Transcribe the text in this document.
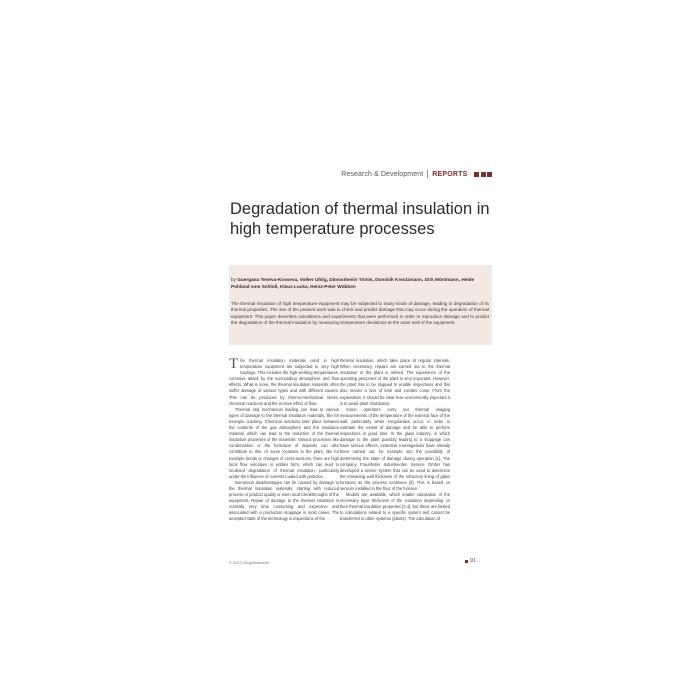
Research & Development REPORTS
Degradation of thermal insulation in high temperature processes
by Guergana Teneva-Kosseva, Volker Uhlig, Dimosthenis Trimis, Dominik Kreutzmann, Dirk Möntmann, Heide Pohland vom Schloß, Klaus Lucka, Heinz-Peter Wübben
The thermal insulation of high temperature equipment may be subjected to many kinds of damage, leading to degradation of its thermal properties. The aim of the present work was to check and predict damage that may occur during the operation of thermal equipment. This paper describes simulations and experiments that were performed in order to reproduce damage and to predict the degradation of the thermal insulation by measuring temperature deviations at the outer wall of the equipment.
T he thermal insulation materials used in high temperature equipment are subjected to very high loadings. This includes the high working temperatures, corrosive attack by the surrounding atmosphere and flow effects. What is more, the thermal insulation materials often suffer damage of various types and with different causes. This can be produced by thermo-mechanical stress, chemical reactions and the erosive effect of flow.

Thermal and mechanical loading can lead to various types of damage to the thermal insulation materials, like for example cracking. Chemical reactions take place between the contents of the gas atmosphere and the insulation material, which can lead to the reduction of the thermal insulation properties of the materials. Various processes like condensation or the formation of deposits can also contribute to this. At some locations in the plant, like for example bends or changes of cross-sections, there are high local flow velocities or eddies form, which can lead to localised degradation of thermal insulation, particularly under the influence of currents loaded with particles.

Numerous disadvantages can be caused by damage to the thermal insulation materials, starting with reduced process or product quality or even local breakthroughs of the equipment. Repair of damage to the thermal insulation is normally very time consuming and expensive and associated with a production stoppage in most cases. The accepted state of the technology is inspections of the

thermal insulation, which take place at regular intervals. When necessary, repairs are carried out to the thermal insulation or the plant is relined. The experience of the operating personnel of the plant is very important. However, the plant has to be stopped to enable inspections and this also means a loss of time and creates costs. From the explanation, it should be clear how economically important it is to avoid plant shutdowns.

Some operators carry out thermal imaging measurements of the temperature of the external face of the wall, particularly when irregularities occur, in order to estimate the extent of damage and be able to perform inspections in good time. In the glass industry, in which damage to the plant possibly leading to a stoppage can have serious effects, extensive investigations have already been carried out, for example into the possibility of determining the state of damage during operation [1]. The company Fraunhofer Industrieofen Service GmbH has developed a sensor system that can be used to determine the remaining wall thickness of the refractory lining of glass furnaces as the process continues [2]. This is based on sensors installed in the floor of the furnace.

Models are available, which enable calculation of the necessary layer thickness of the insulation depending on their thermal insulation properties [3,4], but these are limited to calculations related to a specific system and cannot be transferred to other systems (plants). The calculation of

© 2013 Ziegelindustrie	91
